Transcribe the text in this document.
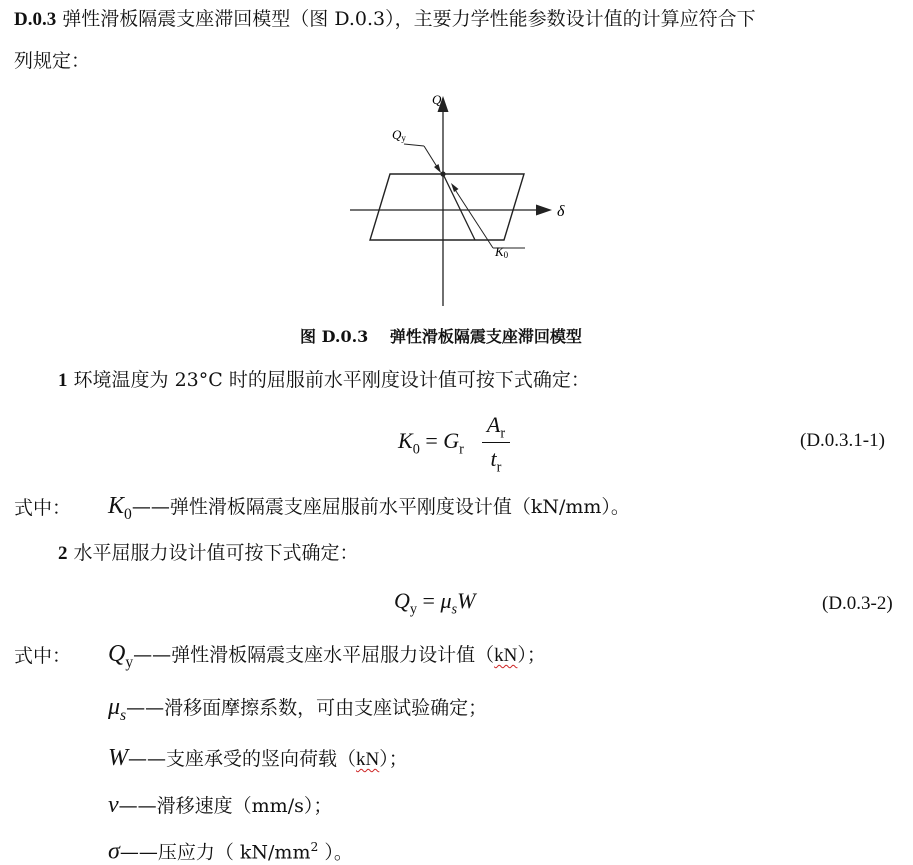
D.0.3 弹性滑板隔震支座滞回模型（图 D.0.3），主要力学性能参数设计值的计算应符合下
列规定：
Q
δ
Qy
K0
图 D.0.3　 弹性滑板隔震支座滞回模型
1 环境温度为 23°C 时的屈服前水平刚度设计值可按下式确定：
$K_0 = G_r$
$A_r$
$t_r$
(D.0.3.1-1)
式中： $K_0——$弹性滑板隔震支座屈服前水平刚度设计值（kN/mm）。
2 水平屈服力设计值可按下式确定：
$Q_y = \mu_sW$	(D.0.3-2)
式中： $Q_y——$弹性滑板隔震支座水平屈服力设计值（kN）；
$\mu_s——$滑移面摩擦系数，可由支座试验确定；
W——支座承受的竖向荷载（kN）；
v——滑移速度（mm/s）；
σ——压应力（ $kN/mm^2$ ）。
